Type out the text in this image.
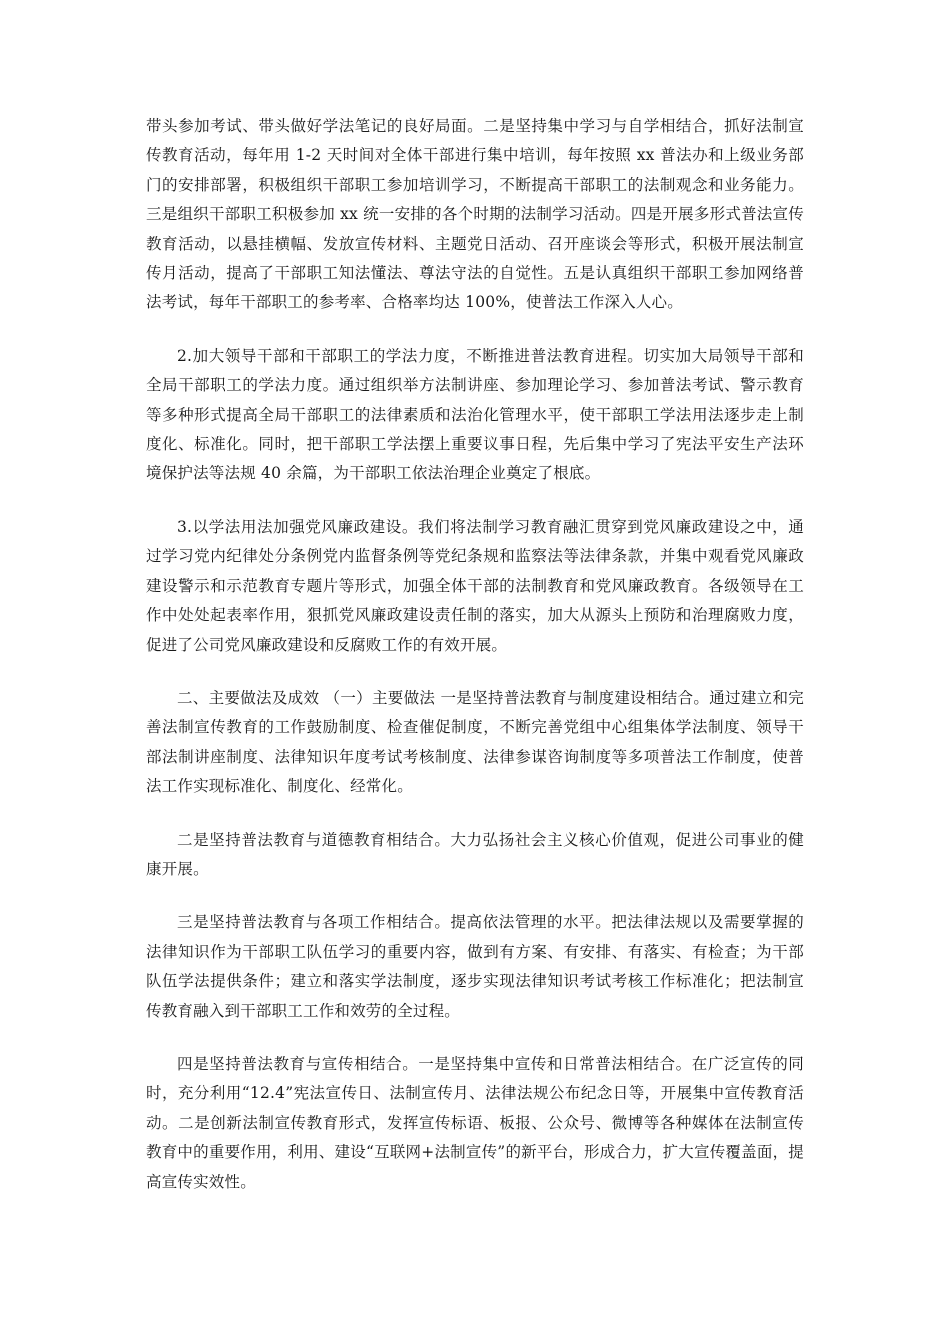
带头参加考试、带头做好学法笔记的良好局面。二是坚持集中学习与自学相结合，抓好法制宣传教育活动，每年用 1-2 天时间对全体干部进行集中培训，每年按照 xx 普法办和上级业务部门的安排部署，积极组织干部职工参加培训学习，不断提高干部职工的法制观念和业务能力。三是组织干部职工积极参加 xx 统一安排的各个时期的法制学习活动。四是开展多形式普法宣传教育活动，以悬挂横幅、发放宣传材料、主题党日活动、召开座谈会等形式，积极开展法制宣传月活动，提高了干部职工知法懂法、尊法守法的自觉性。五是认真组织干部职工参加网络普法考试，每年干部职工的参考率、合格率均达 100%，使普法工作深入人心。

2.加大领导干部和干部职工的学法力度，不断推进普法教育进程。切实加大局领导干部和全局干部职工的学法力度。通过组织举方法制讲座、参加理论学习、参加普法考试、警示教育等多种形式提高全局干部职工的法律素质和法治化管理水平，使干部职工学法用法逐步走上制度化、标准化。同时，把干部职工学法摆上重要议事日程，先后集中学习了宪法平安生产法环境保护法等法规 40 余篇，为干部职工依法治理企业奠定了根底。

3.以学法用法加强党风廉政建设。我们将法制学习教育融汇贯穿到党风廉政建设之中，通过学习党内纪律处分条例党内监督条例等党纪条规和监察法等法律条款，并集中观看党风廉政建设警示和示范教育专题片等形式，加强全体干部的法制教育和党风廉政教育。各级领导在工作中处处起表率作用，狠抓党风廉政建设责任制的落实，加大从源头上预防和治理腐败力度，促进了公司党风廉政建设和反腐败工作的有效开展。

二、主要做法及成效 （一）主要做法 一是坚持普法教育与制度建设相结合。通过建立和完善法制宣传教育的工作鼓励制度、检查催促制度，不断完善党组中心组集体学法制度、领导干部法制讲座制度、法律知识年度考试考核制度、法律参谋咨询制度等多项普法工作制度，使普法工作实现标准化、制度化、经常化。

二是坚持普法教育与道德教育相结合。大力弘扬社会主义核心价值观，促进公司事业的健康开展。

三是坚持普法教育与各项工作相结合。提高依法管理的水平。把法律法规以及需要掌握的法律知识作为干部职工队伍学习的重要内容，做到有方案、有安排、有落实、有检查；为干部队伍学法提供条件；建立和落实学法制度，逐步实现法律知识考试考核工作标准化；把法制宣传教育融入到干部职工工作和效劳的全过程。

四是坚持普法教育与宣传相结合。一是坚持集中宣传和日常普法相结合。在广泛宣传的同时，充分利用“12.4”宪法宣传日、法制宣传月、法律法规公布纪念日等，开展集中宣传教育活动。二是创新法制宣传教育形式，发挥宣传标语、板报、公众号、微博等各种媒体在法制宣传教育中的重要作用，利用、建设“互联网+法制宣传”的新平台，形成合力，扩大宣传覆盖面，提高宣传实效性。
